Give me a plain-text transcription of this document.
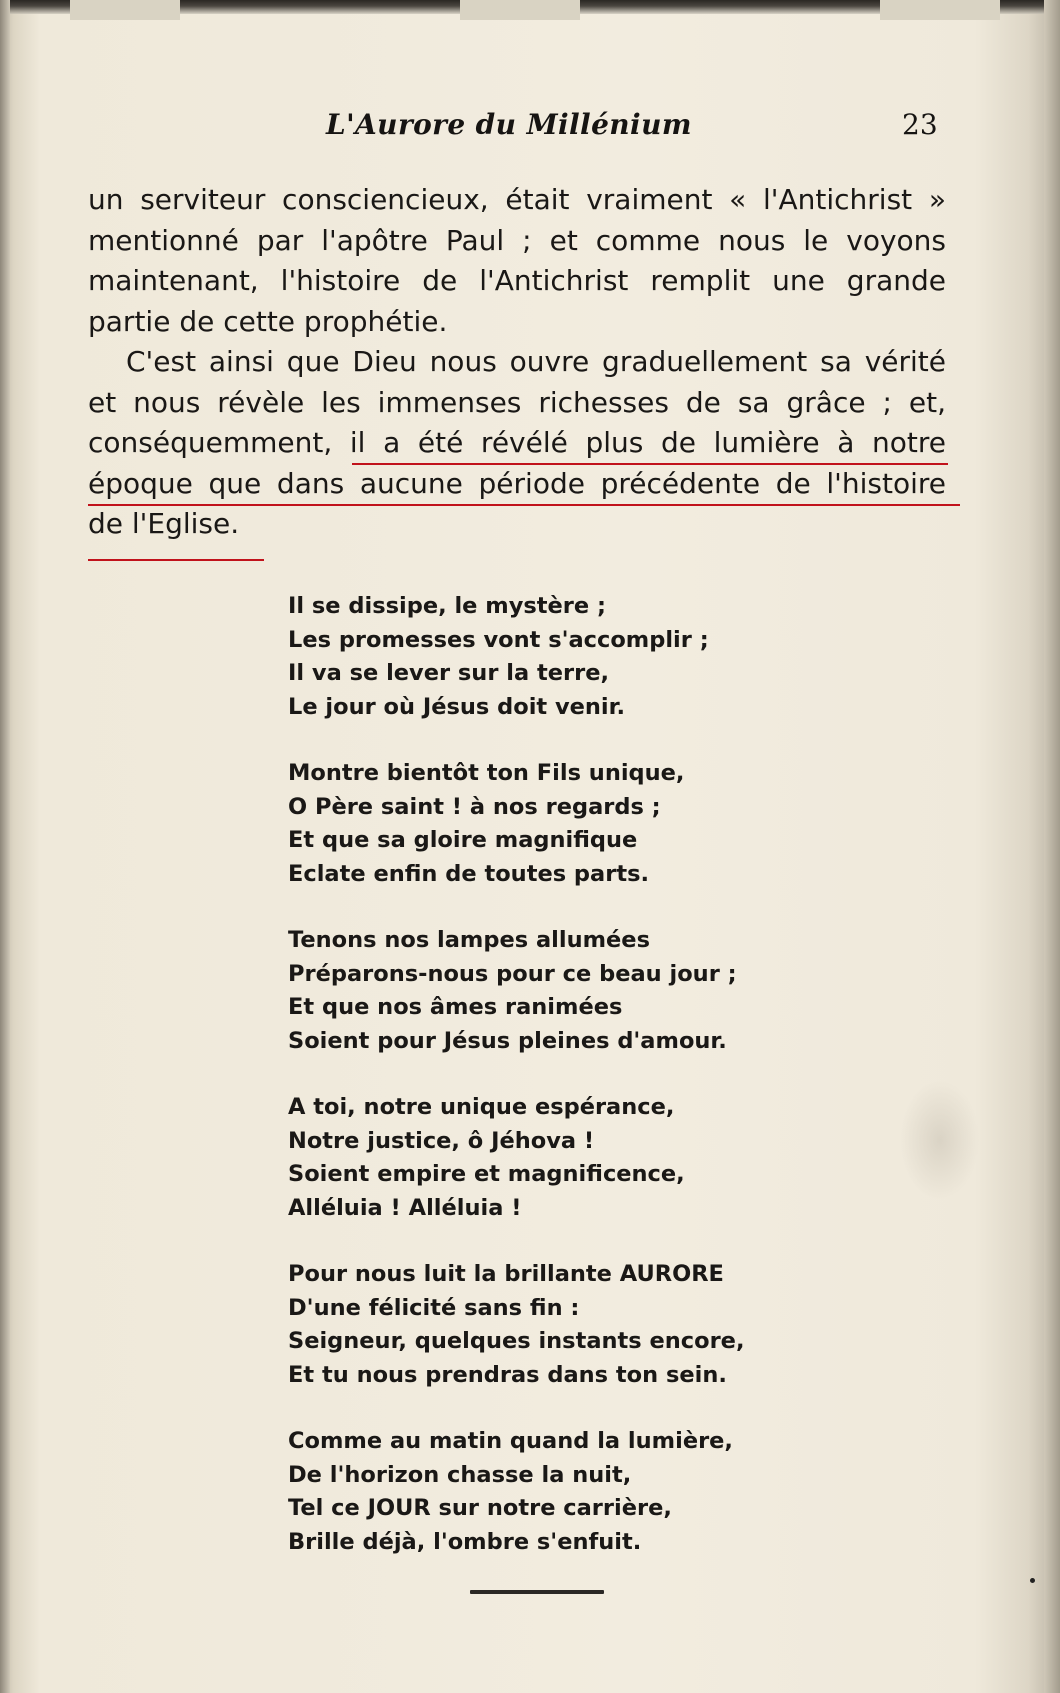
L'Aurore du Millénium	23
un serviteur consciencieux, était vraiment « l'Antichrist »
mentionné par l'apôtre Paul ; et comme nous le voyons
maintenant, l'histoire de l'Antichrist remplit une grande
partie de cette prophétie.
C'est ainsi que Dieu nous ouvre graduellement sa vérité
et nous révèle les immenses richesses de sa grâce ; et,
conséquemment, il a été révélé plus de lumière à notre
époque que dans aucune période précédente de l'histoire
de l'Eglise.
Il se dissipe, le mystère ;
Les promesses vont s'accomplir ;
Il va se lever sur la terre,
Le jour où Jésus doit venir.
Montre bientôt ton Fils unique,
O Père saint ! à nos regards ;
Et que sa gloire magnifique
Eclate enfin de toutes parts.
Tenons nos lampes allumées
Préparons-nous pour ce beau jour ;
Et que nos âmes ranimées
Soient pour Jésus pleines d'amour.
A toi, notre unique espérance,
Notre justice, ô Jéhova !
Soient empire et magnificence,
Alléluia ! Alléluia !
Pour nous luit la brillante AURORE
D'une félicité sans fin :
Seigneur, quelques instants encore,
Et tu nous prendras dans ton sein.
Comme au matin quand la lumière,
De l'horizon chasse la nuit,
Tel ce JOUR sur notre carrière,
Brille déjà, l'ombre s'enfuit.
